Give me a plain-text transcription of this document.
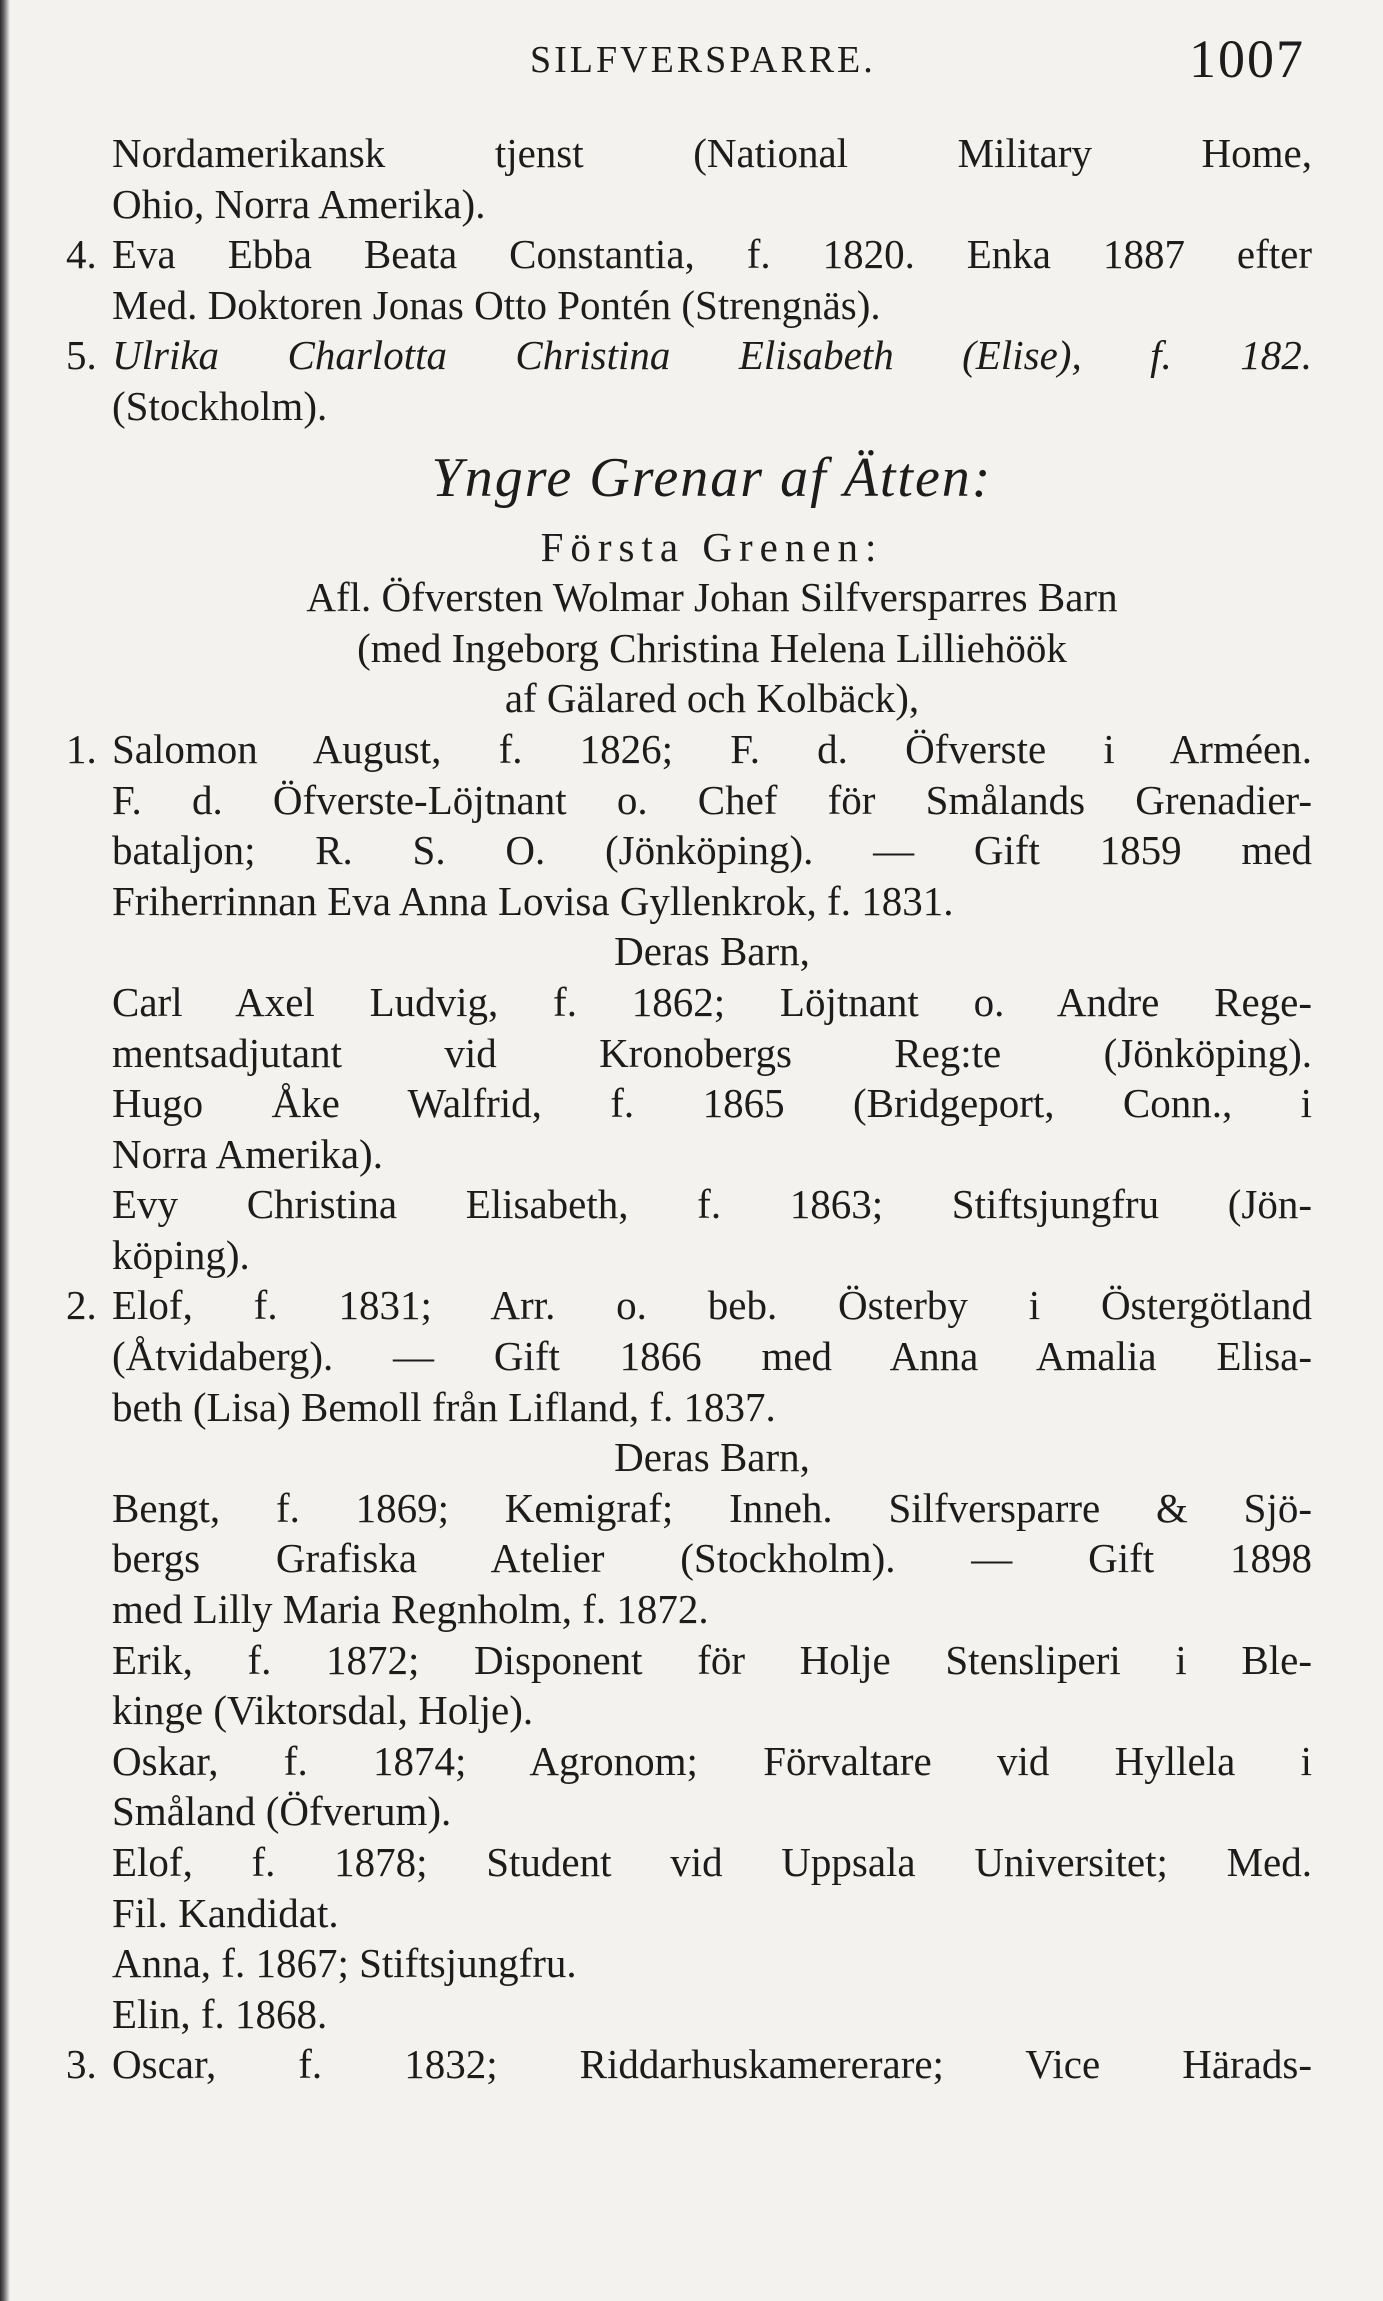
SILFVERSPARRE.	1007
Nordamerikansk tjenst (National Military Home,
Ohio, Norra Amerika).
4. Eva Ebba Beata Constantia, f. 1820. Enka 1887 efter
Med. Doktoren Jonas Otto Pontén (Strengnäs).
5. Ulrika Charlotta Christina Elisabeth (Elise), f. 182.
(Stockholm).
Yngre Grenar af Ätten:
Första Grenen:
Afl. Öfversten Wolmar Johan Silfversparres Barn
(med Ingeborg Christina Helena Lilliehöök
af Gälared och Kolbäck),
1. Salomon August, f. 1826; F. d. Öfverste i Arméen.
F. d. Öfverste-Löjtnant o. Chef för Smålands Grenadier-
bataljon; R. S. O. (Jönköping). — Gift 1859 med
Friherrinnan Eva Anna Lovisa Gyllenkrok, f. 1831.
Deras Barn,
Carl Axel Ludvig, f. 1862; Löjtnant o. Andre Rege-
mentsadjutant vid Kronobergs Reg:te (Jönköping).
Hugo Åke Walfrid, f. 1865 (Bridgeport, Conn., i
Norra Amerika).
Evy Christina Elisabeth, f. 1863; Stiftsjungfru (Jön-
köping).
2. Elof, f. 1831; Arr. o. beb. Österby i Östergötland
(Åtvidaberg). — Gift 1866 med Anna Amalia Elisa-
beth (Lisa) Bemoll från Lifland, f. 1837.
Deras Barn,
Bengt, f. 1869; Kemigraf; Inneh. Silfversparre & Sjö-
bergs Grafiska Atelier (Stockholm). — Gift 1898
med Lilly Maria Regnholm, f. 1872.
Erik, f. 1872; Disponent för Holje Stensliperi i Ble-
kinge (Viktorsdal, Holje).
Oskar, f. 1874; Agronom; Förvaltare vid Hyllela i
Småland (Öfverum).
Elof, f. 1878; Student vid Uppsala Universitet; Med.
Fil. Kandidat.
Anna, f. 1867; Stiftsjungfru.
Elin, f. 1868.
3. Oscar, f. 1832; Riddarhuskamererare; Vice Härads-
